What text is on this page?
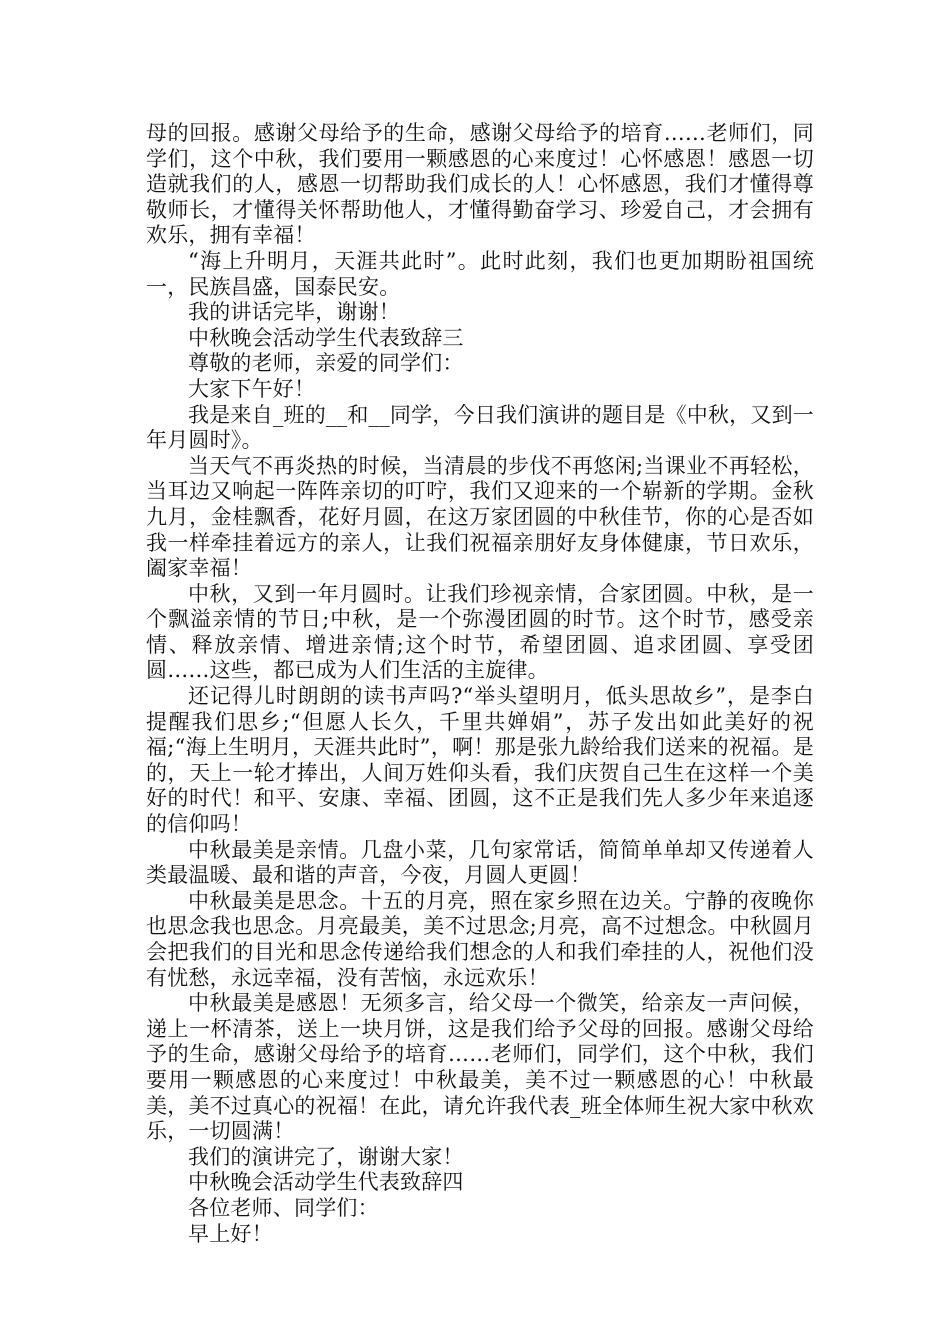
母的回报。感谢父母给予的生命，感谢父母给予的培育……老师们，同学们，这个中秋，我们要用一颗感恩的心来度过！心怀感恩！感恩一切造就我们的人，感恩一切帮助我们成长的人！心怀感恩，我们才懂得尊敬师长，才懂得关怀帮助他人，才懂得勤奋学习、珍爱自己，才会拥有欢乐，拥有幸福！

“海上升明月，天涯共此时”。此时此刻，我们也更加期盼祖国统一，民族昌盛，国泰民安。

我的讲话完毕，谢谢！

中秋晚会活动学生代表致辞三

尊敬的老师，亲爱的同学们：

大家下午好！

我是来自_班的__和__同学，今日我们演讲的题目是《中秋，又到一年月圆时》。

当天气不再炎热的时候，当清晨的步伐不再悠闲;当课业不再轻松，当耳边又响起一阵阵亲切的叮咛，我们又迎来的一个崭新的学期。金秋九月，金桂飘香，花好月圆，在这万家团圆的中秋佳节，你的心是否如我一样牵挂着远方的亲人，让我们祝福亲朋好友身体健康，节日欢乐，阖家幸福！

中秋，又到一年月圆时。让我们珍视亲情，合家团圆。中秋，是一个飘溢亲情的节日;中秋，是一个弥漫团圆的时节。这个时节，感受亲情、释放亲情、增进亲情;这个时节，希望团圆、追求团圆、享受团圆……这些，都已成为人们生活的主旋律。

还记得儿时朗朗的读书声吗?“举头望明月，低头思故乡”，是李白提醒我们思乡;“但愿人长久，千里共婵娟”，苏子发出如此美好的祝福;“海上生明月，天涯共此时”，啊！那是张九龄给我们送来的祝福。是的，天上一轮才捧出，人间万姓仰头看，我们庆贺自己生在这样一个美好的时代！和平、安康、幸福、团圆，这不正是我们先人多少年来追逐的信仰吗！

中秋最美是亲情。几盘小菜，几句家常话，简简单单却又传递着人类最温暖、最和谐的声音，今夜，月圆人更圆！

中秋最美是思念。十五的月亮，照在家乡照在边关。宁静的夜晚你也思念我也思念。月亮最美，美不过思念;月亮，高不过想念。中秋圆月会把我们的目光和思念传递给我们想念的人和我们牵挂的人，祝他们没有忧愁，永远幸福，没有苦恼，永远欢乐！

中秋最美是感恩！无须多言，给父母一个微笑，给亲友一声问候，递上一杯清茶，送上一块月饼，这是我们给予父母的回报。感谢父母给予的生命，感谢父母给予的培育……老师们，同学们，这个中秋，我们要用一颗感恩的心来度过！中秋最美，美不过一颗感恩的心！中秋最美，美不过真心的祝福！在此，请允许我代表_班全体师生祝大家中秋欢乐，一切圆满！

我们的演讲完了，谢谢大家！

中秋晚会活动学生代表致辞四

各位老师、同学们：

早上好！
